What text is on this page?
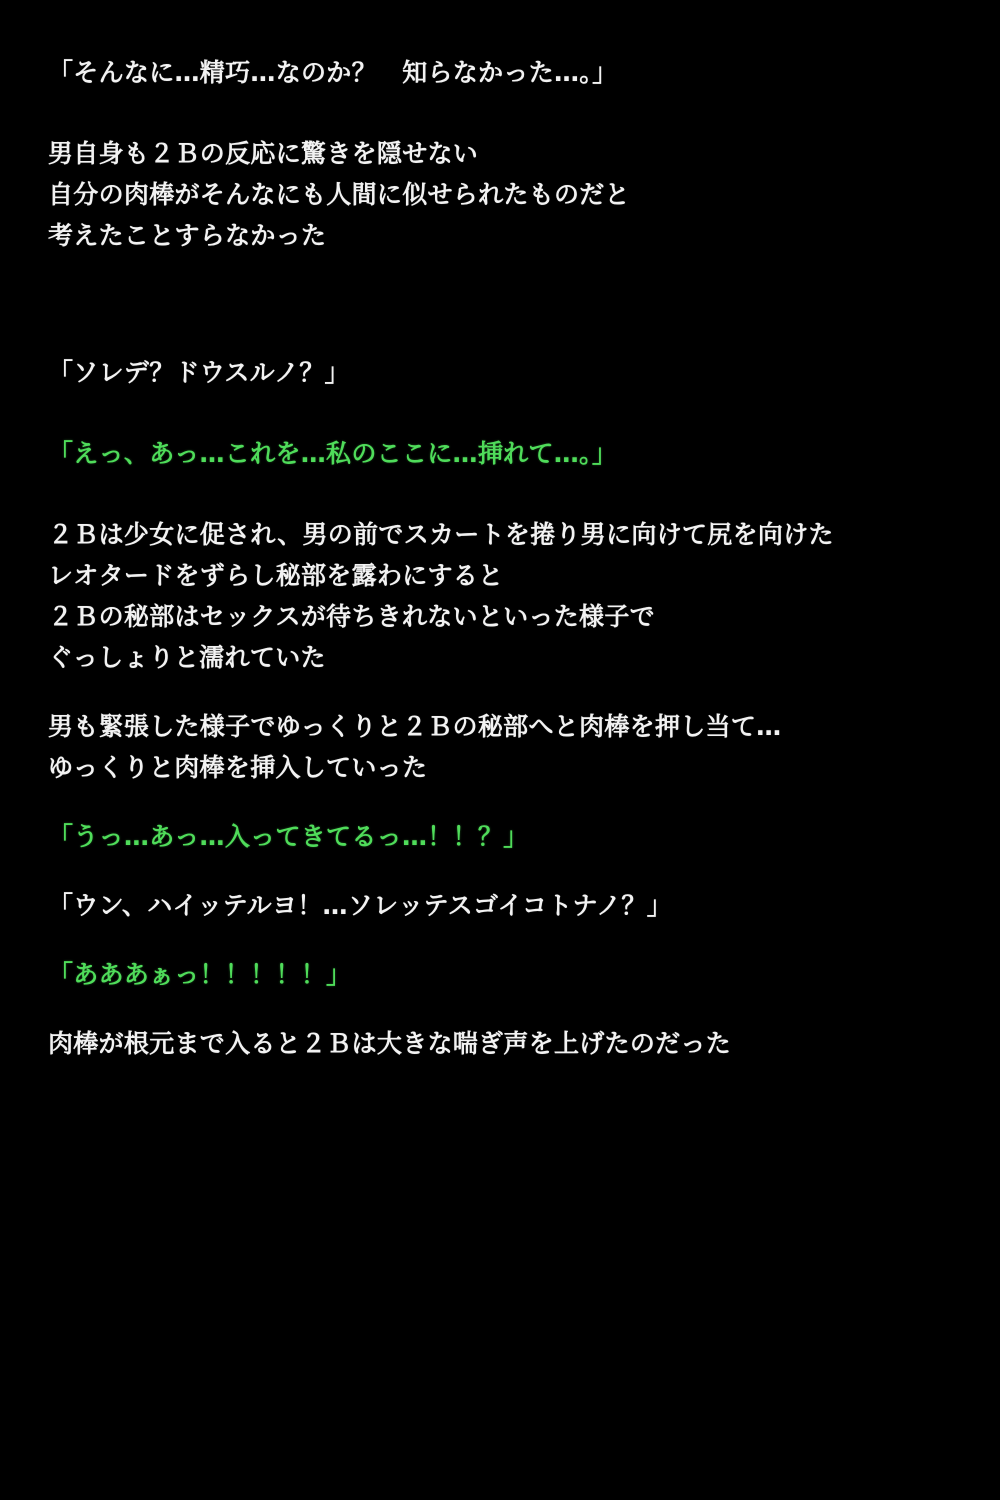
「そんなに…精巧…なのか？　知らなかった…。」
男自身も２Ｂの反応に驚きを隠せない
自分の肉棒がそんなにも人間に似せられたものだと
考えたことすらなかった
「ソレデ？ドウスルノ？」
「えっ、あっ…これを…私のここに…挿れて…。」
２Ｂは少女に促され、男の前でスカートを捲り男に向けて尻を向けた
レオタードをずらし秘部を露わにすると
２Ｂの秘部はセックスが待ちきれないといった様子で
ぐっしょりと濡れていた
男も緊張した様子でゆっくりと２Ｂの秘部へと肉棒を押し当て…
ゆっくりと肉棒を挿入していった
「うっ…あっ…入ってきてるっ…！！？」
「ウン、ハイッテルヨ！…ソレッテスゴイコトナノ？」
「あああぁっ！！！！！」
肉棒が根元まで入ると２Ｂは大きな喘ぎ声を上げたのだった
